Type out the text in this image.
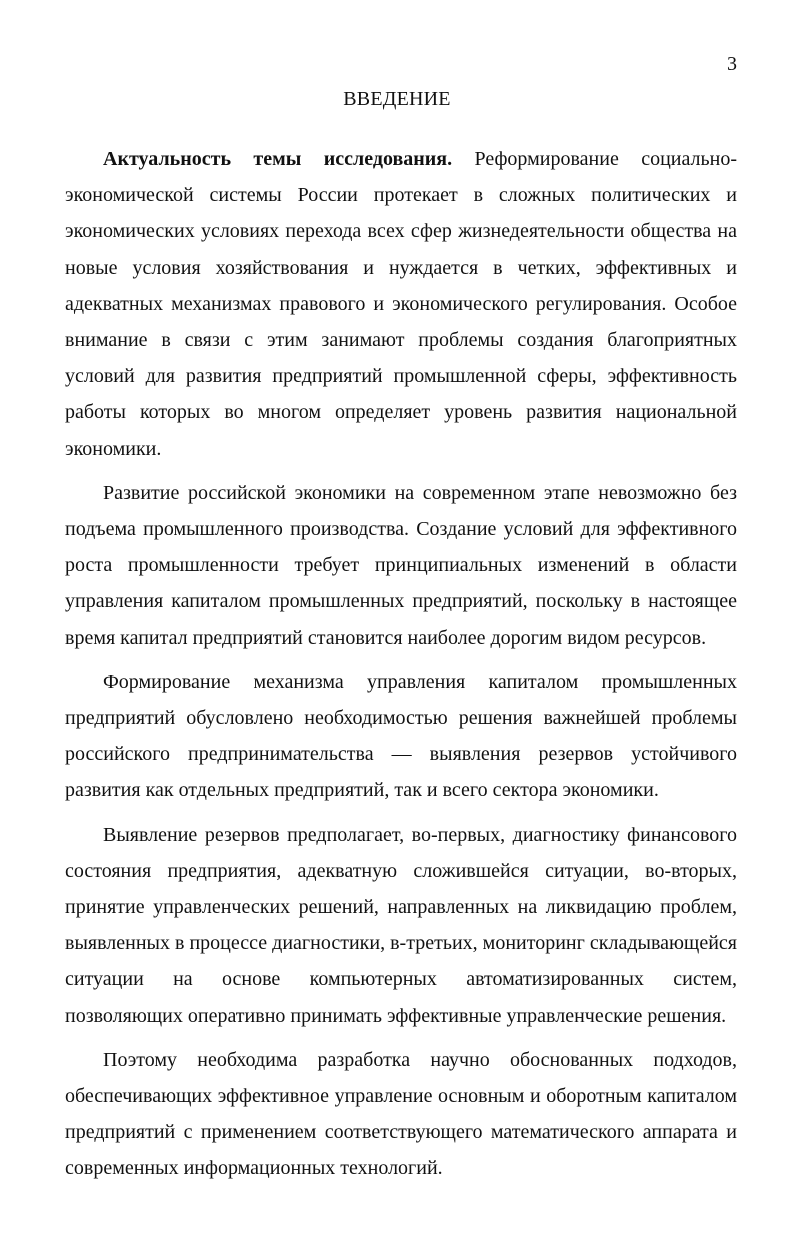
3
ВВЕДЕНИЕ

Актуальность темы исследования. Реформирование социально- экономической системы России протекает в сложных политических и экономических условиях перехода всех сфер жизнедеятельности общества на новые условия хозяйствования и нуждается в четких, эффективных и адекватных механизмах правового и экономического регулирования. Особое внимание в связи с этим занимают проблемы создания благоприятных условий для развития предприятий промышленной сферы, эффективность работы которых во многом определяет уровень развития национальной экономики.

Развитие российской экономики на современном этапе невозможно без подъема промышленного производства. Создание условий для эффективного роста промышленности требует принципиальных изменений в области управления капиталом промышленных предприятий, поскольку в настоящее время капитал предприятий становится наиболее дорогим видом ресурсов.

Формирование механизма управления капиталом промышленных предприятий обусловлено необходимостью решения важнейшей проблемы российского предпринимательства — выявления резервов устойчивого развития как отдельных предприятий, так и всего сектора экономики.

Выявление резервов предполагает, во-первых, диагностику финансового состояния предприятия, адекватную сложившейся ситуации, во-вторых, принятие управленческих решений, направленных на ликвидацию проблем, выявленных в процессе диагностики, в-третьих, мониторинг складывающейся ситуации на основе компьютерных автоматизированных систем, позволяющих оперативно принимать эффективные управленческие решения.

Поэтому необходима разработка научно обоснованных подходов, обеспечивающих эффективное управление основным и оборотным капиталом предприятий с применением соответствующего математического аппарата и современных информационных технологий.
